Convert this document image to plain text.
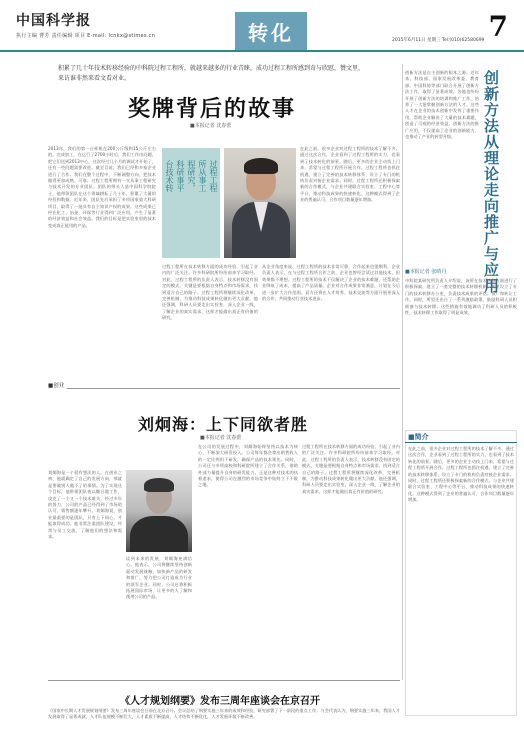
中国科学报
执行主编 曹芳 责任编辑 项目 E-mail: lcnkx@stimes.cn	转化	2015年6月11日 星期三 Tel:(010)62580699 7
积累了几十年技术转移经验的中科院过程工程所，就越来越多的行业青睐，成功过程工程所感到奇与欣慰，赞文里，来访谁非然来看文看对业。
奖牌背后的故事
■本报记者 沈春蕾
过程工程
所从事工
程研究，
科研事平
台技术转
2013年，我们的第一台样机在200公斤级和15公斤左右的，完成加工，在运行了2700小时后，我们工作出问题，把它们送到2013中心，这次经过几个月的调试才开始了，还有一些问题需要改进。截至目前，我们已经和多家企业进行了合作。我们在整个过程中，不断调整方向，把技术做得更加成熟、可靠。过程工程所拥有一支从事工程研究与技术开发的专业团队。团队的带头人是中国科学院院士，他带领团队在这个领域耕耘了几十年，积累了大量的经验和数据。近年来，团队先后承担了多项国家重大科研项目，取得了一批具有自主知识产权的成果。这些成果已经在化工、冶金、环保等行业得到广泛应用，产生了显著的经济效益和社会效益。我们的目标是把实验室里的技术变成真正能用的产品。
在此之前，很多企业对过程工程所的技术了解不多。通过这次合作，企业看到了过程工程所的实力，也看到了技术转化的前景。随后，更多的企业主动找上门来，希望与过程工程所开展合作。过程工程所也抓住机遇，建立了完善的技术转移体系，设立了专门的机构负责对接企业需求。同时，过程工程所还积极探索新的合作模式，与企业共建联合实验室、工程中心等平台，推动科技成果的快速转化。这种模式得到了企业的普遍认可，合作项目数量逐年增加。
过程工程所在技术转移方面的成功经验，引起了业内的广泛关注。许多科研院所纷纷前来学习取经。对此，过程工程所的负责人表示，技术转移没有固定的模式，关键是要根据自身特点和市场需求，找到适合自己的路子。过程工程所将继续深化改革，完善机制，为推动科技成果转化做出更大贡献。他还强调，科研人员要走出实验室，深入企业一线，了解企业的真实需求，这样才能做出真正有价值的研究。
从企业角度来说，过程工程所的技术非常可靠，合作起来也很顺利。企业负责人表示，在与过程工程所合作之前，企业也曾经尝试过其他技术，但效果都不理想。过程工程所的技术不仅解决了企业的技术难题，还帮助企业降低了成本，提高了产品质量。企业对合作成果非常满意，计划在今后进一步扩大合作范围。双方还将在人才培养、技术交流等方面开展更深入的合作，共同推动行业技术进步。
创新方法从理论走向推广与应用
创新方法是自主创新的根本之源。近年来，科技部、国家发展改革委、教育部、中国科协等部门联合开展了创新方法工作，取得了显著成效。各地也纷纷开展了创新方法的培训和推广工作，培养了一大批掌握创新方法的人才。这些人才在企业的技术创新中发挥了重要作用，帮助企业解决了大量的技术难题，创造了可观的经济效益。创新方法的推广应用，不仅提高了企业的创新能力，也推动了产业的转型升级。
■本报记者 张晴丹
中科院某研究所负责人介绍说，该所在技术转移方面进行了积极探索，建立了一套完整的技术转移机制。所里设立了专门的技术转移办公室，负责技术成果的评估、推广和转让工作。同时，所里还出台了一系列激励政策，鼓励科研人员积极参与技术转移。这些措施有效地调动了科研人员的积极性，技术转移工作取得了明显成效。
■创业
刘炯海：上下同欲者胜
■本报记者 沈春蕾
刘炯海是一个很有想法的人。在创业之初，他就确定了自己的发展方向，那就是要做别人做不了的事情。为了实现这个目标，他带领团队夜以继日地工作，攻克了一个又一个技术难关。经过多年的努力，公司的产品已经得到了市场的认可，销售额逐年攀升。刘炯海说，创业最重要的是团队，只有上下同心，才能取得成功。他非常注重团队建设，经常与员工交流，了解他们的想法和需求。
谈到未来的发展，刘炯海充满信心。他表示，公司将继续坚持创新驱动发展战略，加快新产品的研发和推广，努力把公司打造成为行业的领军企业。同时，公司还将积极拓展国际市场，让更多的人了解和使用公司的产品。
在公司的发展过程中，刘炯海始终坚持以技术为核心，不断加大研发投入。公司每年都会拿出销售收入的一定比例用于研发，确保产品的技术领先。同时，公司还与多所高校和科研院所建立了合作关系，借助外部力量提升自身的研发能力。正是这种对技术的执着追求，使得公司在激烈的市场竞争中始终立于不败之地。
过程工程所在技术转移方面的成功经验，引起了业内的广泛关注。许多科研院所纷纷前来学习取经。对此，过程工程所的负责人表示，技术转移没有固定的模式，关键是要根据自身特点和市场需求，找到适合自己的路子。过程工程所将继续深化改革，完善机制，为推动科技成果转化做出更大贡献。他还强调，科研人员要走出实验室，深入企业一线，了解企业的真实需求，这样才能做出真正有价值的研究。
■简介
在此之前，很多企业对过程工程所的技术了解不多。通过这次合作，企业看到了过程工程所的实力，也看到了技术转化的前景。随后，更多的企业主动找上门来，希望与过程工程所开展合作。过程工程所也抓住机遇，建立了完善的技术转移体系，设立了专门的机构负责对接企业需求。同时，过程工程所还积极探索新的合作模式，与企业共建联合实验室、工程中心等平台，推动科技成果的快速转化。这种模式得到了企业的普遍认可，合作项目数量逐年增加。
《人才规划纲要》发布三周年座谈会在京召开
《国家中长期人才发展规划纲要》发布三周年座谈会日前在北京召开。会议总结了纲要实施三年来的成效和经验，研究部署了下一阶段的重点工作。与会代表认为，纲要实施三年来，我国人才发展取得了显著成就，人才队伍规模不断壮大，人才素质不断提高，人才结构不断优化，人才发展环境不断改善。
